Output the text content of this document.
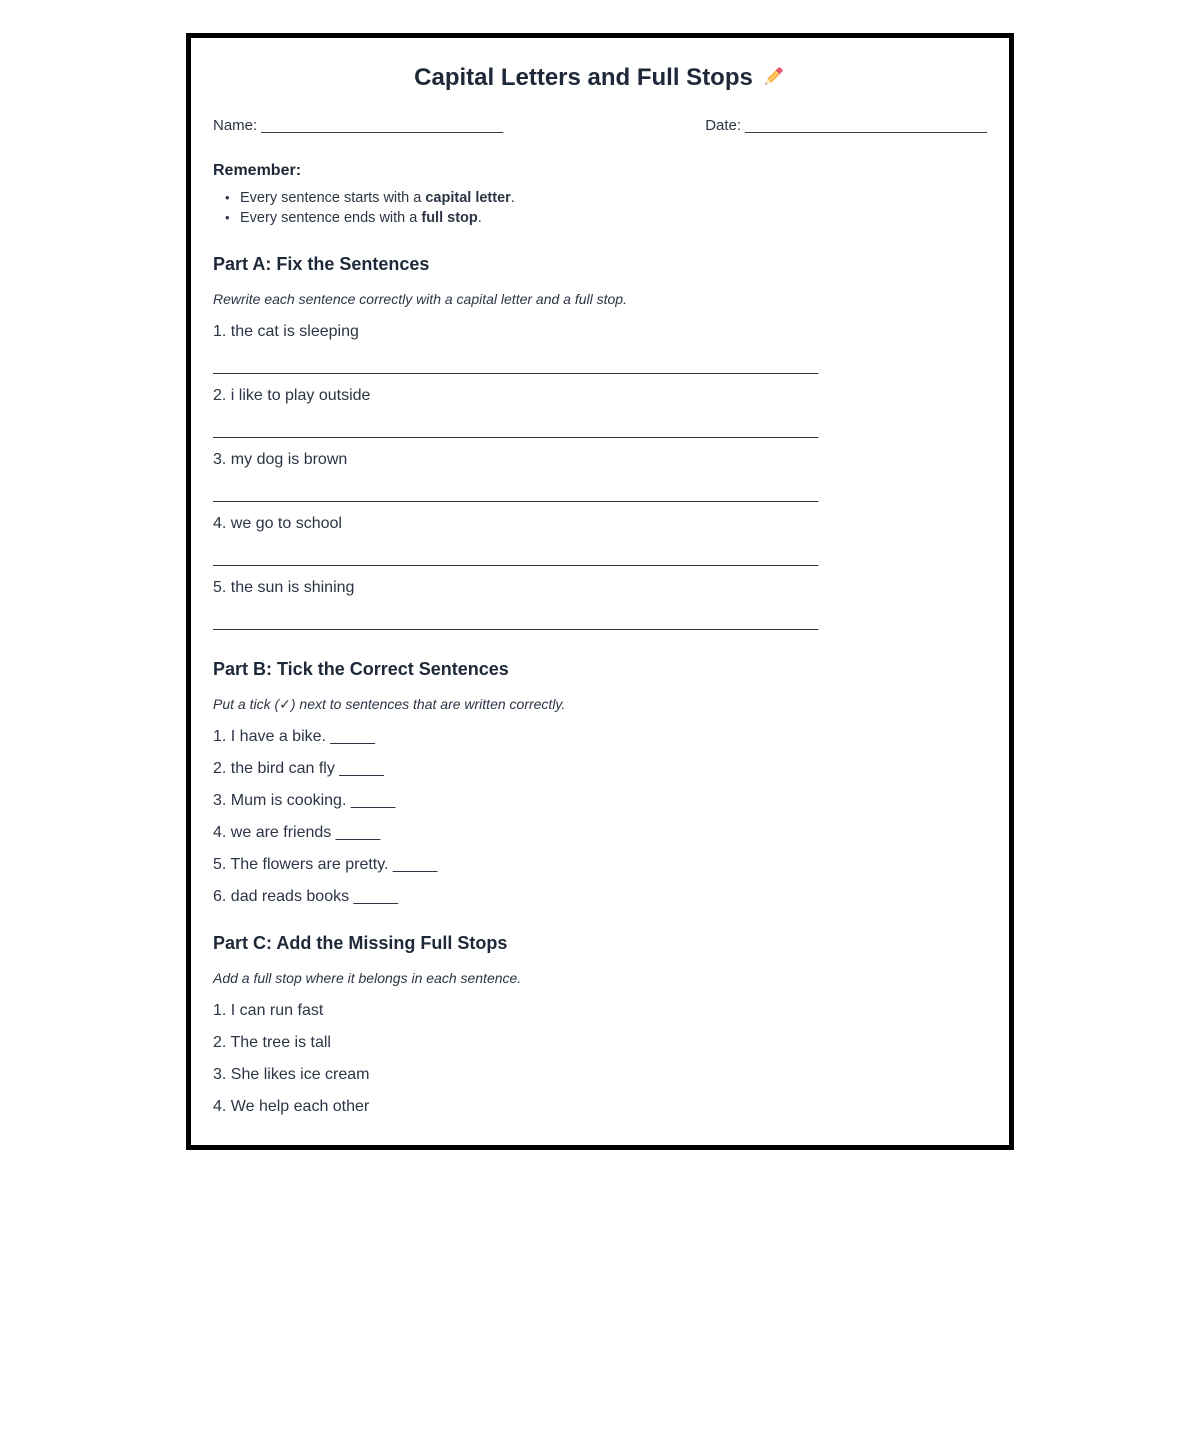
Capital Letters and Full Stops
Name: _____________________________	Date: _____________________________
Remember:
• Every sentence starts with a capital letter.
• Every sentence ends with a full stop.
Part A: Fix the Sentences

Rewrite each sentence correctly with a capital letter and a full stop.

1. the cat is sleeping

____________________________________________________________________

2. i like to play outside

____________________________________________________________________

3. my dog is brown

____________________________________________________________________

4. we go to school

____________________________________________________________________

5. the sun is shining

____________________________________________________________________

Part B: Tick the Correct Sentences

Put a tick (✓) next to sentences that are written correctly.

1. I have a bike. _____

2. the bird can fly _____

3. Mum is cooking. _____

4. we are friends _____

5. The flowers are pretty. _____

6. dad reads books _____

Part C: Add the Missing Full Stops

Add a full stop where it belongs in each sentence.

1. I can run fast

2. The tree is tall

3. She likes ice cream

4. We help each other
